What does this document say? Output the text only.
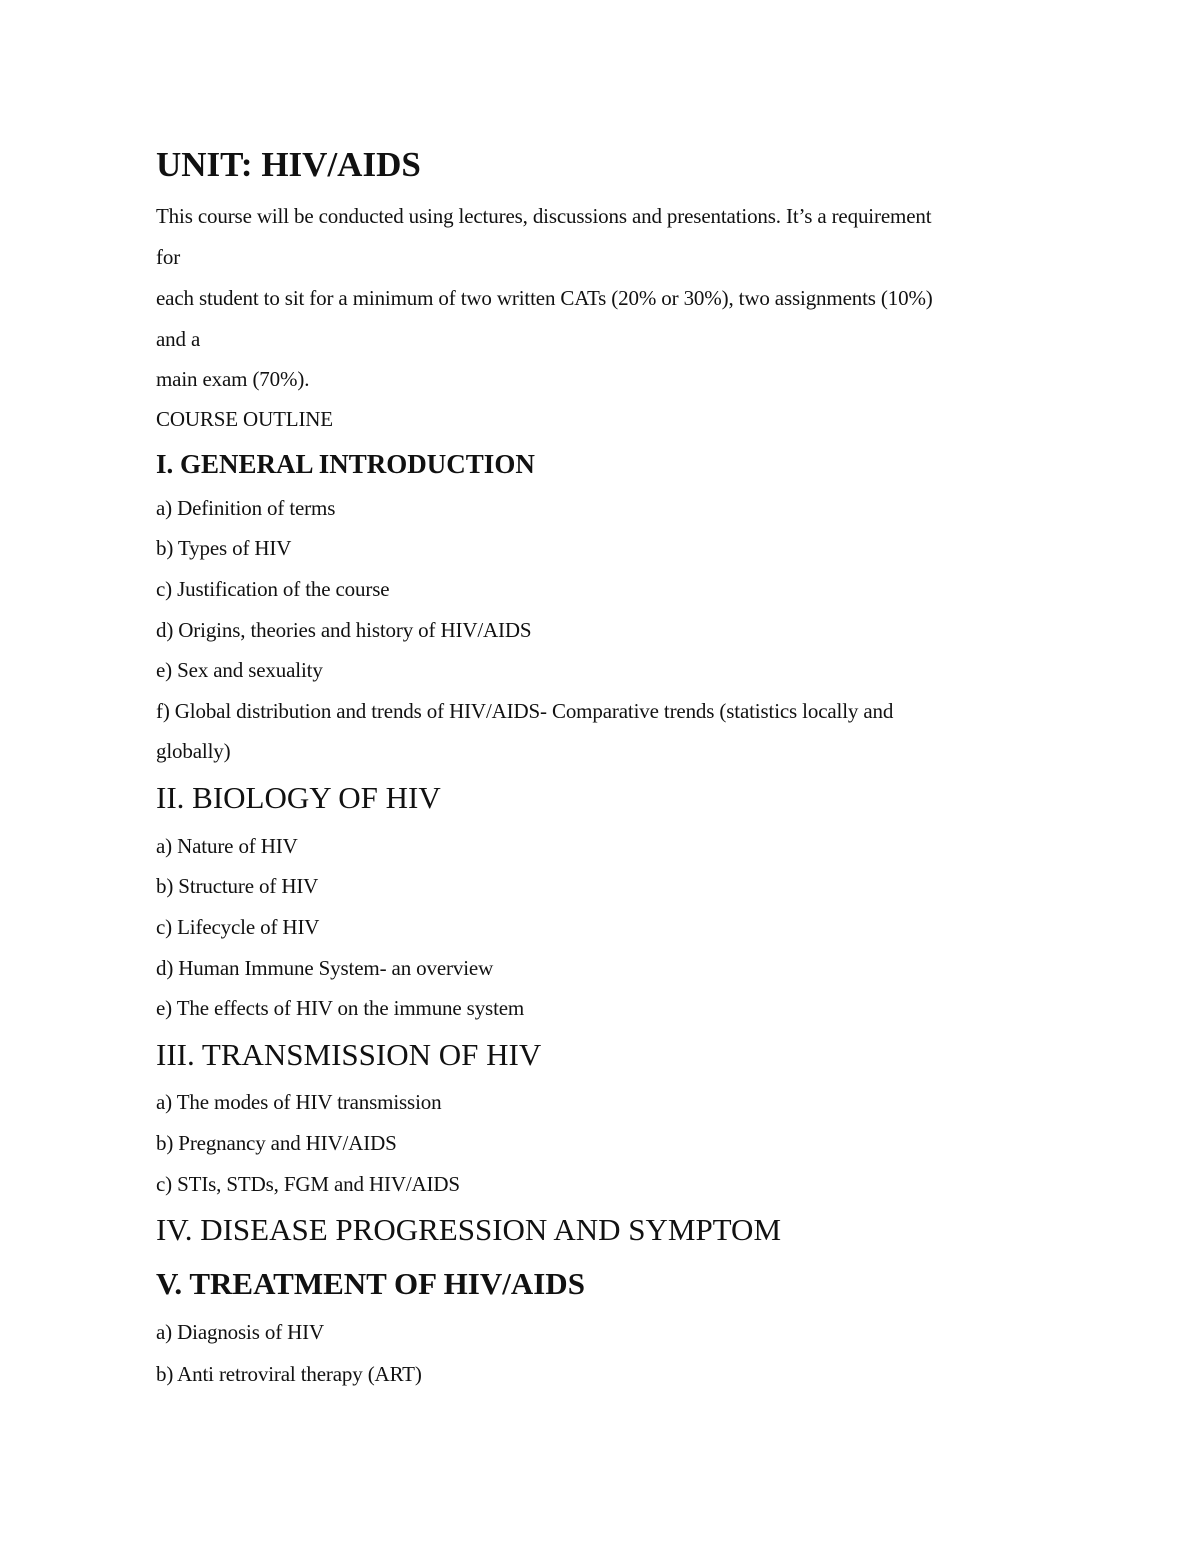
UNIT: HIV/AIDS

This course will be conducted using lectures, discussions and presentations. It’s a requirement

for

each student to sit for a minimum of two written CATs (20% or 30%), two assignments (10%)

and a

main exam (70%).

COURSE OUTLINE

I. GENERAL INTRODUCTION

a) Definition of terms

b) Types of HIV

c) Justification of the course

d) Origins, theories and history of HIV/AIDS

e) Sex and sexuality

f) Global distribution and trends of HIV/AIDS- Comparative trends (statistics locally and

globally)

II. BIOLOGY OF HIV

a) Nature of HIV

b) Structure of HIV

c) Lifecycle of HIV

d) Human Immune System- an overview

e) The effects of HIV on the immune system

III. TRANSMISSION OF HIV

a) The modes of HIV transmission

b) Pregnancy and HIV/AIDS

c) STIs, STDs, FGM and HIV/AIDS

IV. DISEASE PROGRESSION AND SYMPTOM
V. TREATMENT OF HIV/AIDS

a) Diagnosis of HIV

b) Anti retroviral therapy (ART)
